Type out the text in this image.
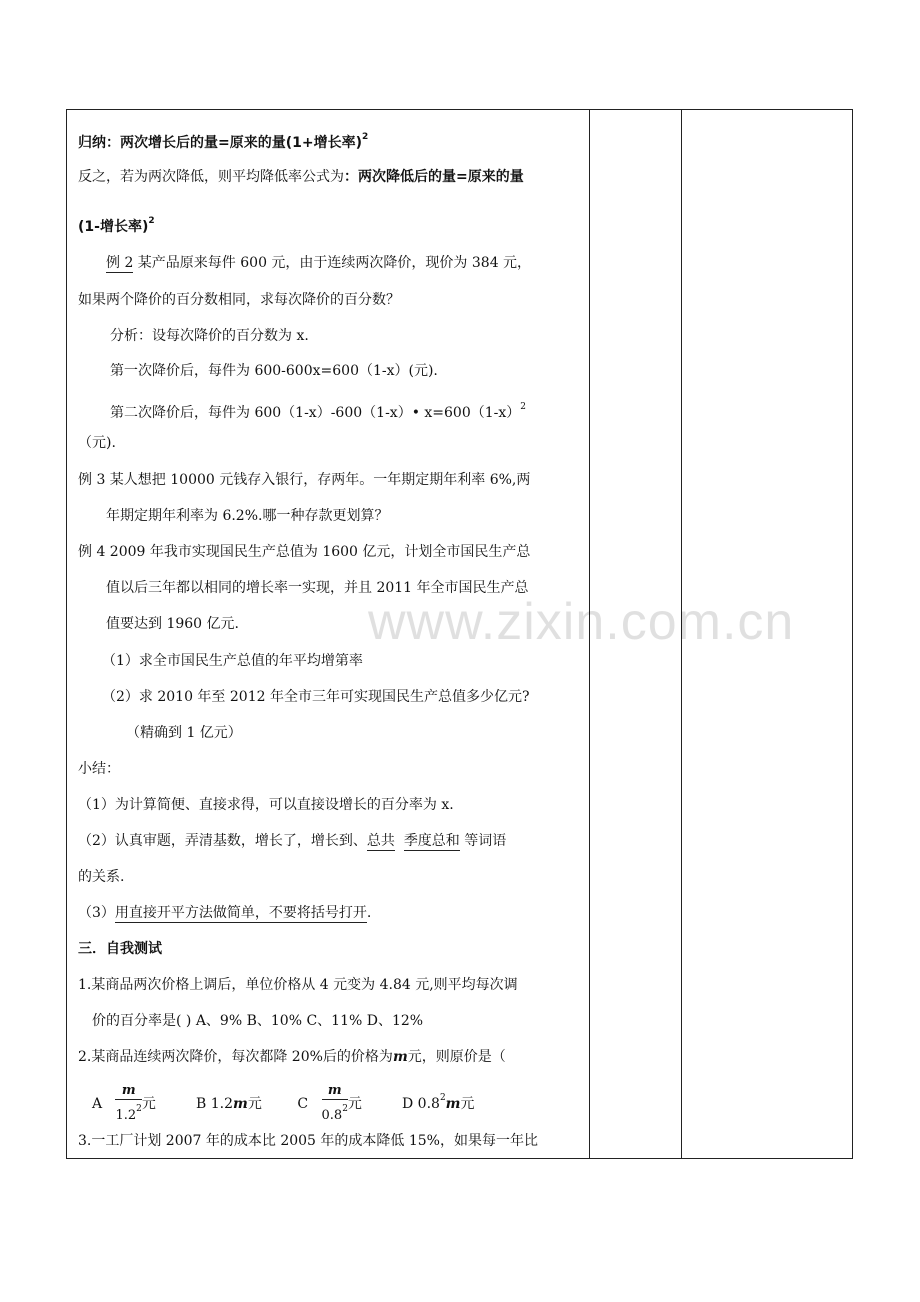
www.zixin.com.cn
归纳：两次增长后的量=原来的量(1+增长率)$^2$
反之，若为两次降低，则平均降低率公式为：两次降低后的量=原来的量
(1-增长率)$^2$
例 2 某产品原来每件 600 元，由于连续两次降价，现价为 384 元，
如果两个降价的百分数相同，求每次降价的百分数？
分析：设每次降价的百分数为 x.
第一次降价后，每件为 600-600x=600（1-x）(元).
第二次降价后，每件为 600（1-x）-600（1-x）• $x=600(1-x)^2$
（元).
例 3 某人想把 10000 元钱存入银行，存两年。一年期定期年利率 6%,两
年期定期年利率为 6.2%.哪一种存款更划算？
例 4 2009 年我市实现国民生产总值为 1600 亿元，计划全市国民生产总
值以后三年都以相同的增长率一实现，并且 2011 年全市国民生产总
值要达到 1960 亿元.
（1）求全市国民生产总值的年平均增第率
（2）求 2010 年至 2012 年全市三年可实现国民生产总值多少亿元?
（精确到 1 亿元）
小结：
（1）为计算简便、直接求得，可以直接设增长的百分率为 x.
（2）认真审题，弄清基数，增长了，增长到、总共 季度总和 等词语
的关系.
（3）用直接开平方法做简单，不要将括号打开.
三．自我测试
1.某商品两次价格上调后，单位价格从 4 元变为 4.84 元,则平均每次调
价的百分率是( ) A、9% B、10% C、11% D、12%
2.某商品连续两次降价，每次都降 20%后的价格为m元，则原价是（
A $\frac{m}{1.2^2}$ 元	B 1.2m元	C $\frac{m}{0.8^2}$ 元	D $0.8^2m$元
3.一工厂计划 2007 年的成本比 2005 年的成本降低 15%，如果每一年比
